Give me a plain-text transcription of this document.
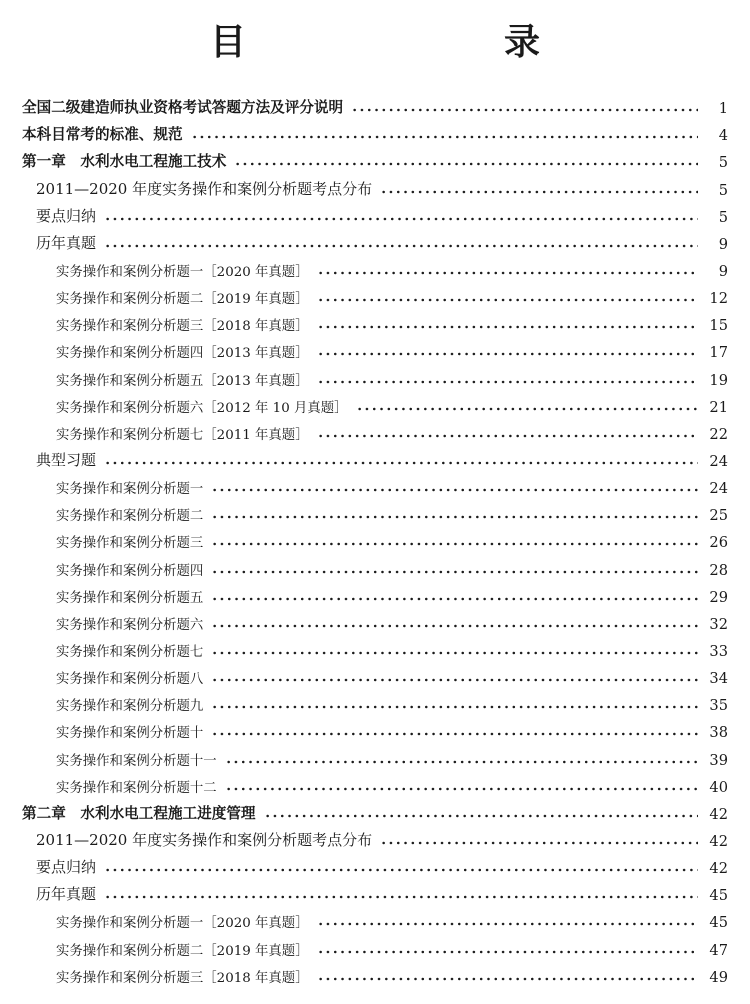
目　　录
全国二级建造师执业资格考试答题方法及评分说明	1
本科目常考的标准、规范	4
第一章　水利水电工程施工技术	5
2011—2020 年度实务操作和案例分析题考点分布	5
要点归纳	5
历年真题	9
实务操作和案例分析题一［2020 年真题］	9
实务操作和案例分析题二［2019 年真题］	12
实务操作和案例分析题三［2018 年真题］	15
实务操作和案例分析题四［2013 年真题］	17
实务操作和案例分析题五［2013 年真题］	19
实务操作和案例分析题六［2012 年 10 月真题］	21
实务操作和案例分析题七［2011 年真题］	22
典型习题	24
实务操作和案例分析题一	24
实务操作和案例分析题二	25
实务操作和案例分析题三	26
实务操作和案例分析题四	28
实务操作和案例分析题五	29
实务操作和案例分析题六	32
实务操作和案例分析题七	33
实务操作和案例分析题八	34
实务操作和案例分析题九	35
实务操作和案例分析题十	38
实务操作和案例分析题十一	39
实务操作和案例分析题十二	40
第二章　水利水电工程施工进度管理	42
2011—2020 年度实务操作和案例分析题考点分布	42
要点归纳	42
历年真题	45
实务操作和案例分析题一［2020 年真题］	45
实务操作和案例分析题二［2019 年真题］	47
实务操作和案例分析题三［2018 年真题］	49
